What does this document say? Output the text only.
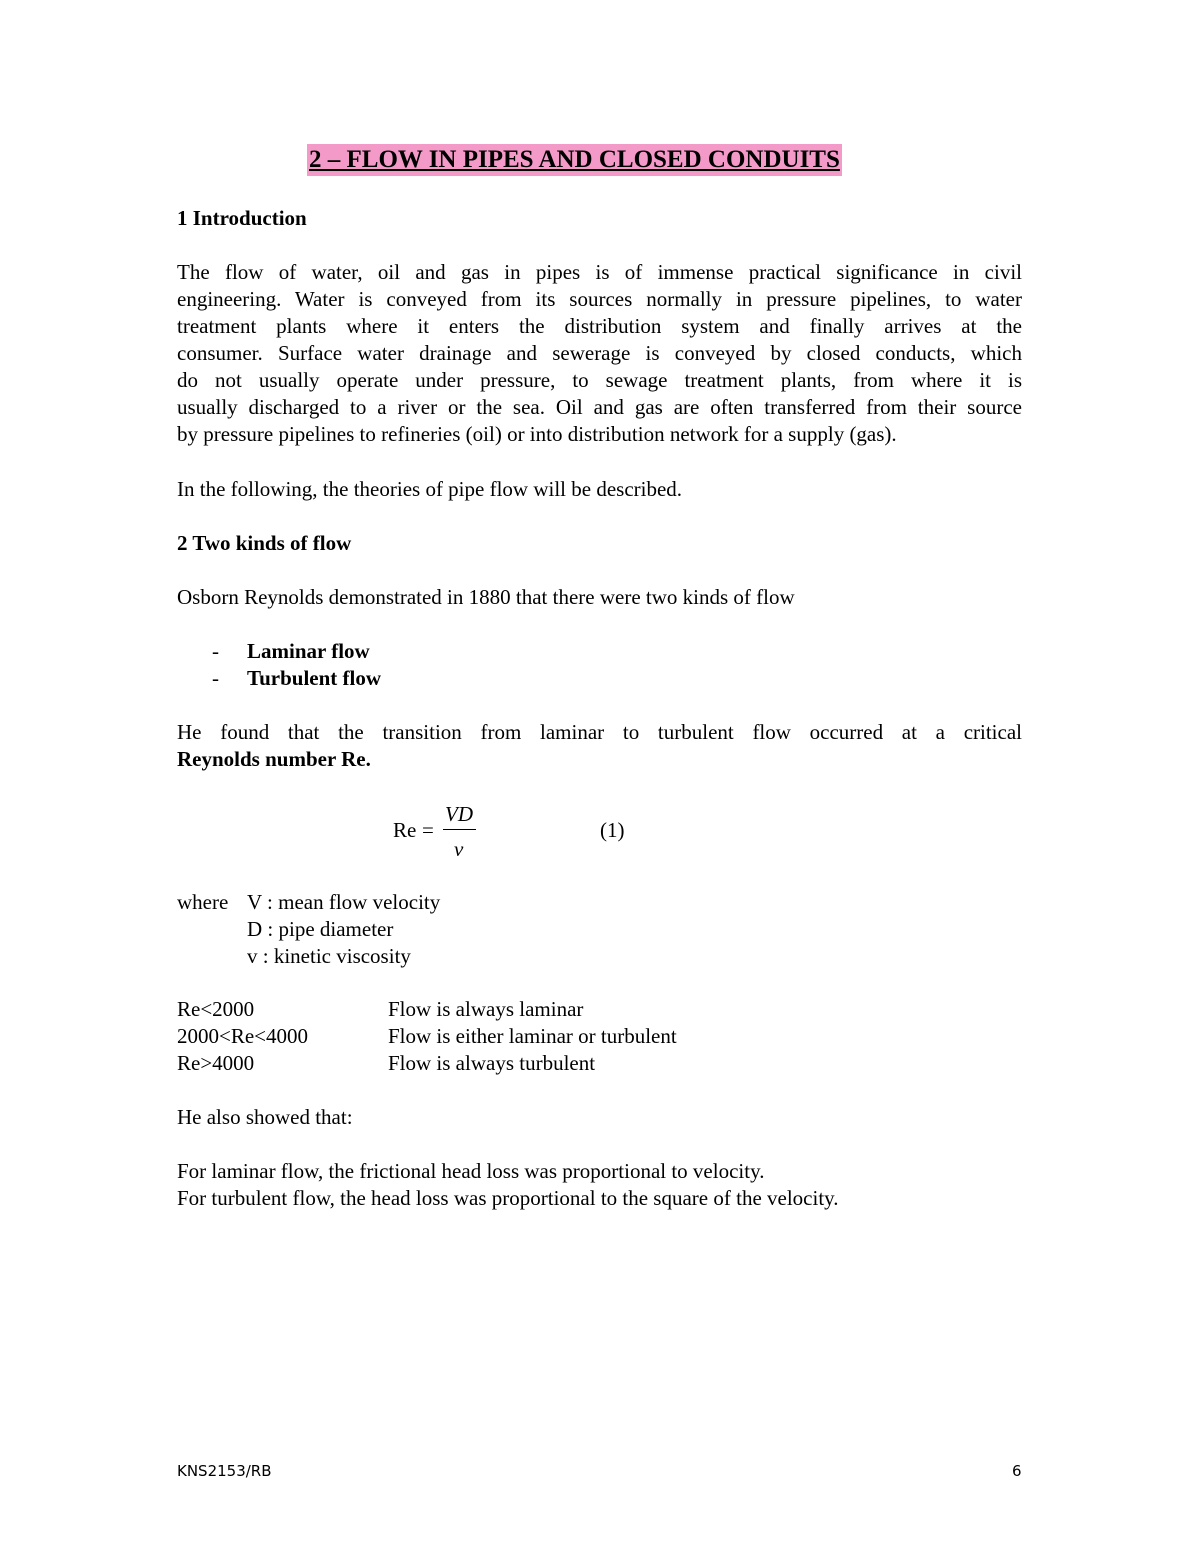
2 – FLOW IN PIPES AND CLOSED CONDUITS
1 Introduction
The flow of water, oil and gas in pipes is of immense practical significance in civil
engineering. Water is conveyed from its sources normally in pressure pipelines, to water
treatment plants where it enters the distribution system and finally arrives at the
consumer. Surface water drainage and sewerage is conveyed by closed conducts, which
do not usually operate under pressure, to sewage treatment plants, from where it is
usually discharged to a river or the sea. Oil and gas are often transferred from their source
by pressure pipelines to refineries (oil) or into distribution network for a supply (gas).
In the following, the theories of pipe flow will be described.
2 Two kinds of flow
Osborn Reynolds demonstrated in 1880 that there were two kinds of flow
- Laminar flow
- Turbulent flow
He found that the transition from laminar to turbulent flow occurred at a critical
Reynolds number Re.
Re =
VD
ν
(1)
where V : mean flow velocity
D : pipe diameter
v : kinetic viscosity
Re<2000	Flow is always laminar
2000<Re<4000	Flow is either laminar or turbulent
Re>4000	Flow is always turbulent
He also showed that:
For laminar flow, the frictional head loss was proportional to velocity.
For turbulent flow, the head loss was proportional to the square of the velocity.
KNS2153/RB	6
